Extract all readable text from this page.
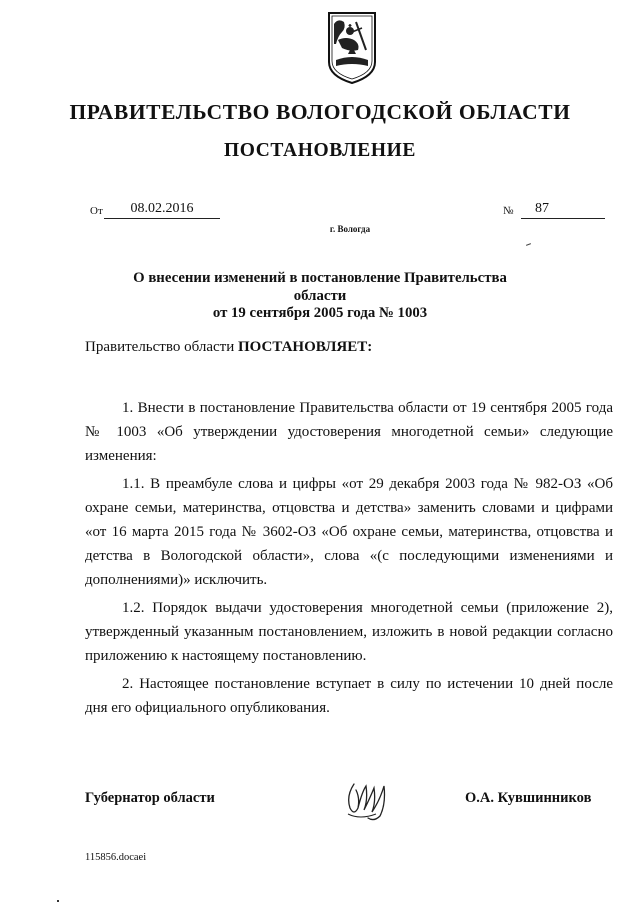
ПРАВИТЕЛЬСТВО ВОЛОГОДСКОЙ ОБЛАСТИ
ПОСТАНОВЛЕНИЕ
От	08.02.2016	№	87
г. Вологда
О внесении изменений в постановление Правительства области
от 19 сентября 2005 года № 1003
Правительство области ПОСТАНОВЛЯЕТ:

1. Внести в постановление Правительства области от 19 сентября 2005 года № 1003 «Об утверждении удостоверения многодетной семьи» следующие изменения:

1.1. В преамбуле слова и цифры «от 29 декабря 2003 года № 982-ОЗ «Об охране семьи, материнства, отцовства и детства» заменить словами и цифрами «от 16 марта 2015 года № 3602-ОЗ «Об охране семьи, материнства, отцовства и детства в Вологодской области», слова «(с последующими изменениями и дополнениями)» исключить.

1.2. Порядок выдачи удостоверения многодетной семьи (приложение 2), утвержденный указанным постановлением, изложить в новой редакции согласно приложению к настоящему постановлению.

2. Настоящее постановление вступает в силу по истечении 10 дней после дня его официального опубликования.

Губернатор области	О.А. Кувшинников
115856.docaei
